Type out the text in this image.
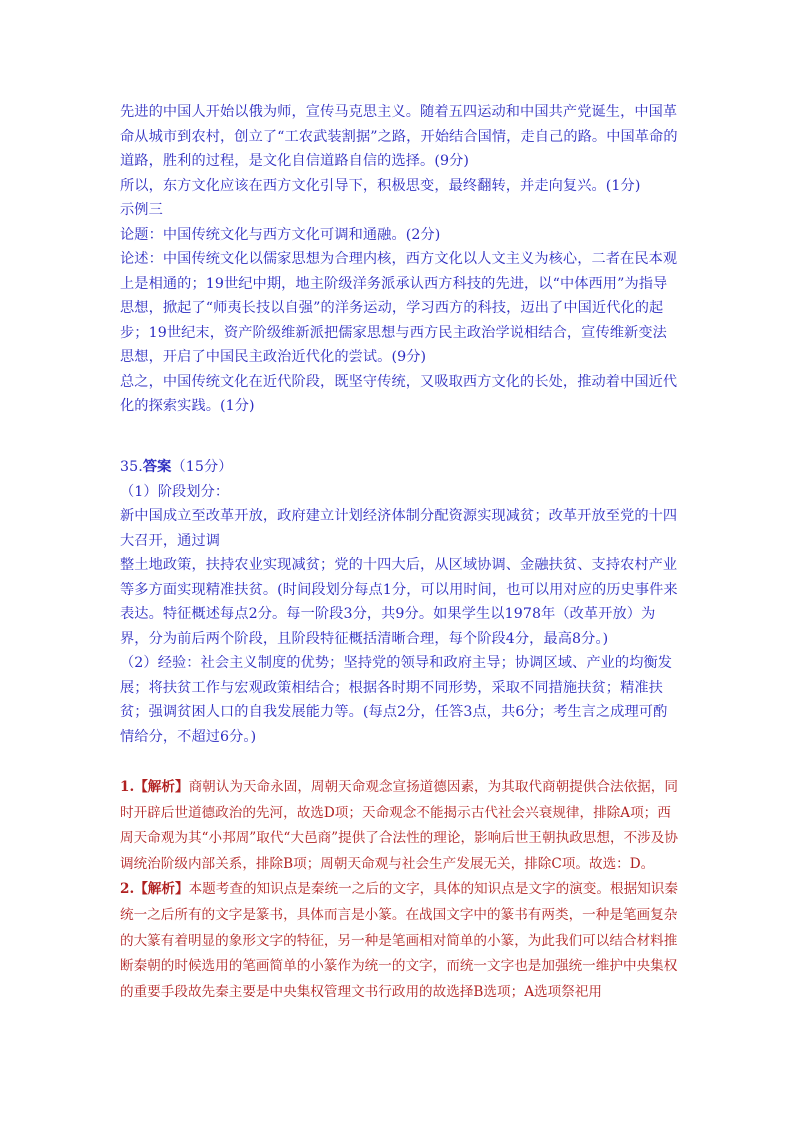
先进的中国人开始以俄为师，宣传马克思主义。随着五四运动和中国共产党诞生，中国革命从城市到农村，创立了“工农武装割据”之路，开始结合国情，走自己的路。中国革命的道路，胜利的过程，是文化自信道路自信的选择。(9分)

所以，东方文化应该在西方文化引导下，积极思变，最终翻转，并走向复兴。(1分)

示例三

论题：中国传统文化与西方文化可调和通融。(2分)

论述：中国传统文化以儒家思想为合理内核，西方文化以人文主义为核心，二者在民本观上是相通的；19世纪中期，地主阶级洋务派承认西方科技的先进，以“中体西用”为指导思想，掀起了“师夷长技以自强”的洋务运动，学习西方的科技，迈出了中国近代化的起步；19世纪末，资产阶级维新派把儒家思想与西方民主政治学说相结合，宣传维新变法思想，开启了中国民主政治近代化的尝试。(9分)

总之，中国传统文化在近代阶段，既坚守传统，又吸取西方文化的长处，推动着中国近代化的探索实践。(1分)

35.答案（15分）

（1）阶段划分：

新中国成立至改革开放，政府建立计划经济体制分配资源实现减贫；改革开放至党的十四大召开，通过调

整土地政策，扶持农业实现减贫；党的十四大后，从区域协调、金融扶贫、支持农村产业等多方面实现精准扶贫。(时间段划分每点1分，可以用时间，也可以用对应的历史事件来表达。特征概述每点2分。每一阶段3分，共9分。如果学生以1978年（改革开放）为界，分为前后两个阶段，且阶段特征概括清晰合理，每个阶段4分，最高8分。)

（2）经验：社会主义制度的优势；坚持党的领导和政府主导；协调区域、产业的均衡发展；将扶贫工作与宏观政策相结合；根据各时期不同形势，采取不同措施扶贫；精准扶贫；强调贫困人口的自我发展能力等。(每点2分，任答3点，共6分；考生言之成理可酌情给分，不超过6分。)

1.【解析】商朝认为天命永固，周朝天命观念宣扬道德因素，为其取代商朝提供合法依据，同时开辟后世道德政治的先河，故选D项；天命观念不能揭示古代社会兴衰规律，排除A项；西周天命观为其“小邦周”取代“大邑商”提供了合法性的理论，影响后世王朝执政思想，不涉及协调统治阶级内部关系，排除B项；周朝天命观与社会生产发展无关，排除C项。故选：D。

2.【解析】本题考查的知识点是秦统一之后的文字，具体的知识点是文字的演变。根据知识秦统一之后所有的文字是篆书，具体而言是小篆。在战国文字中的篆书有两类，一种是笔画复杂的大篆有着明显的象形文字的特征，另一种是笔画相对简单的小篆，为此我们可以结合材料推断秦朝的时候选用的笔画简单的小篆作为统一的文字，而统一文字也是加强统一维护中央集权的重要手段故先秦主要是中央集权管理文书行政用的故选择B选项；A选项祭祀用
